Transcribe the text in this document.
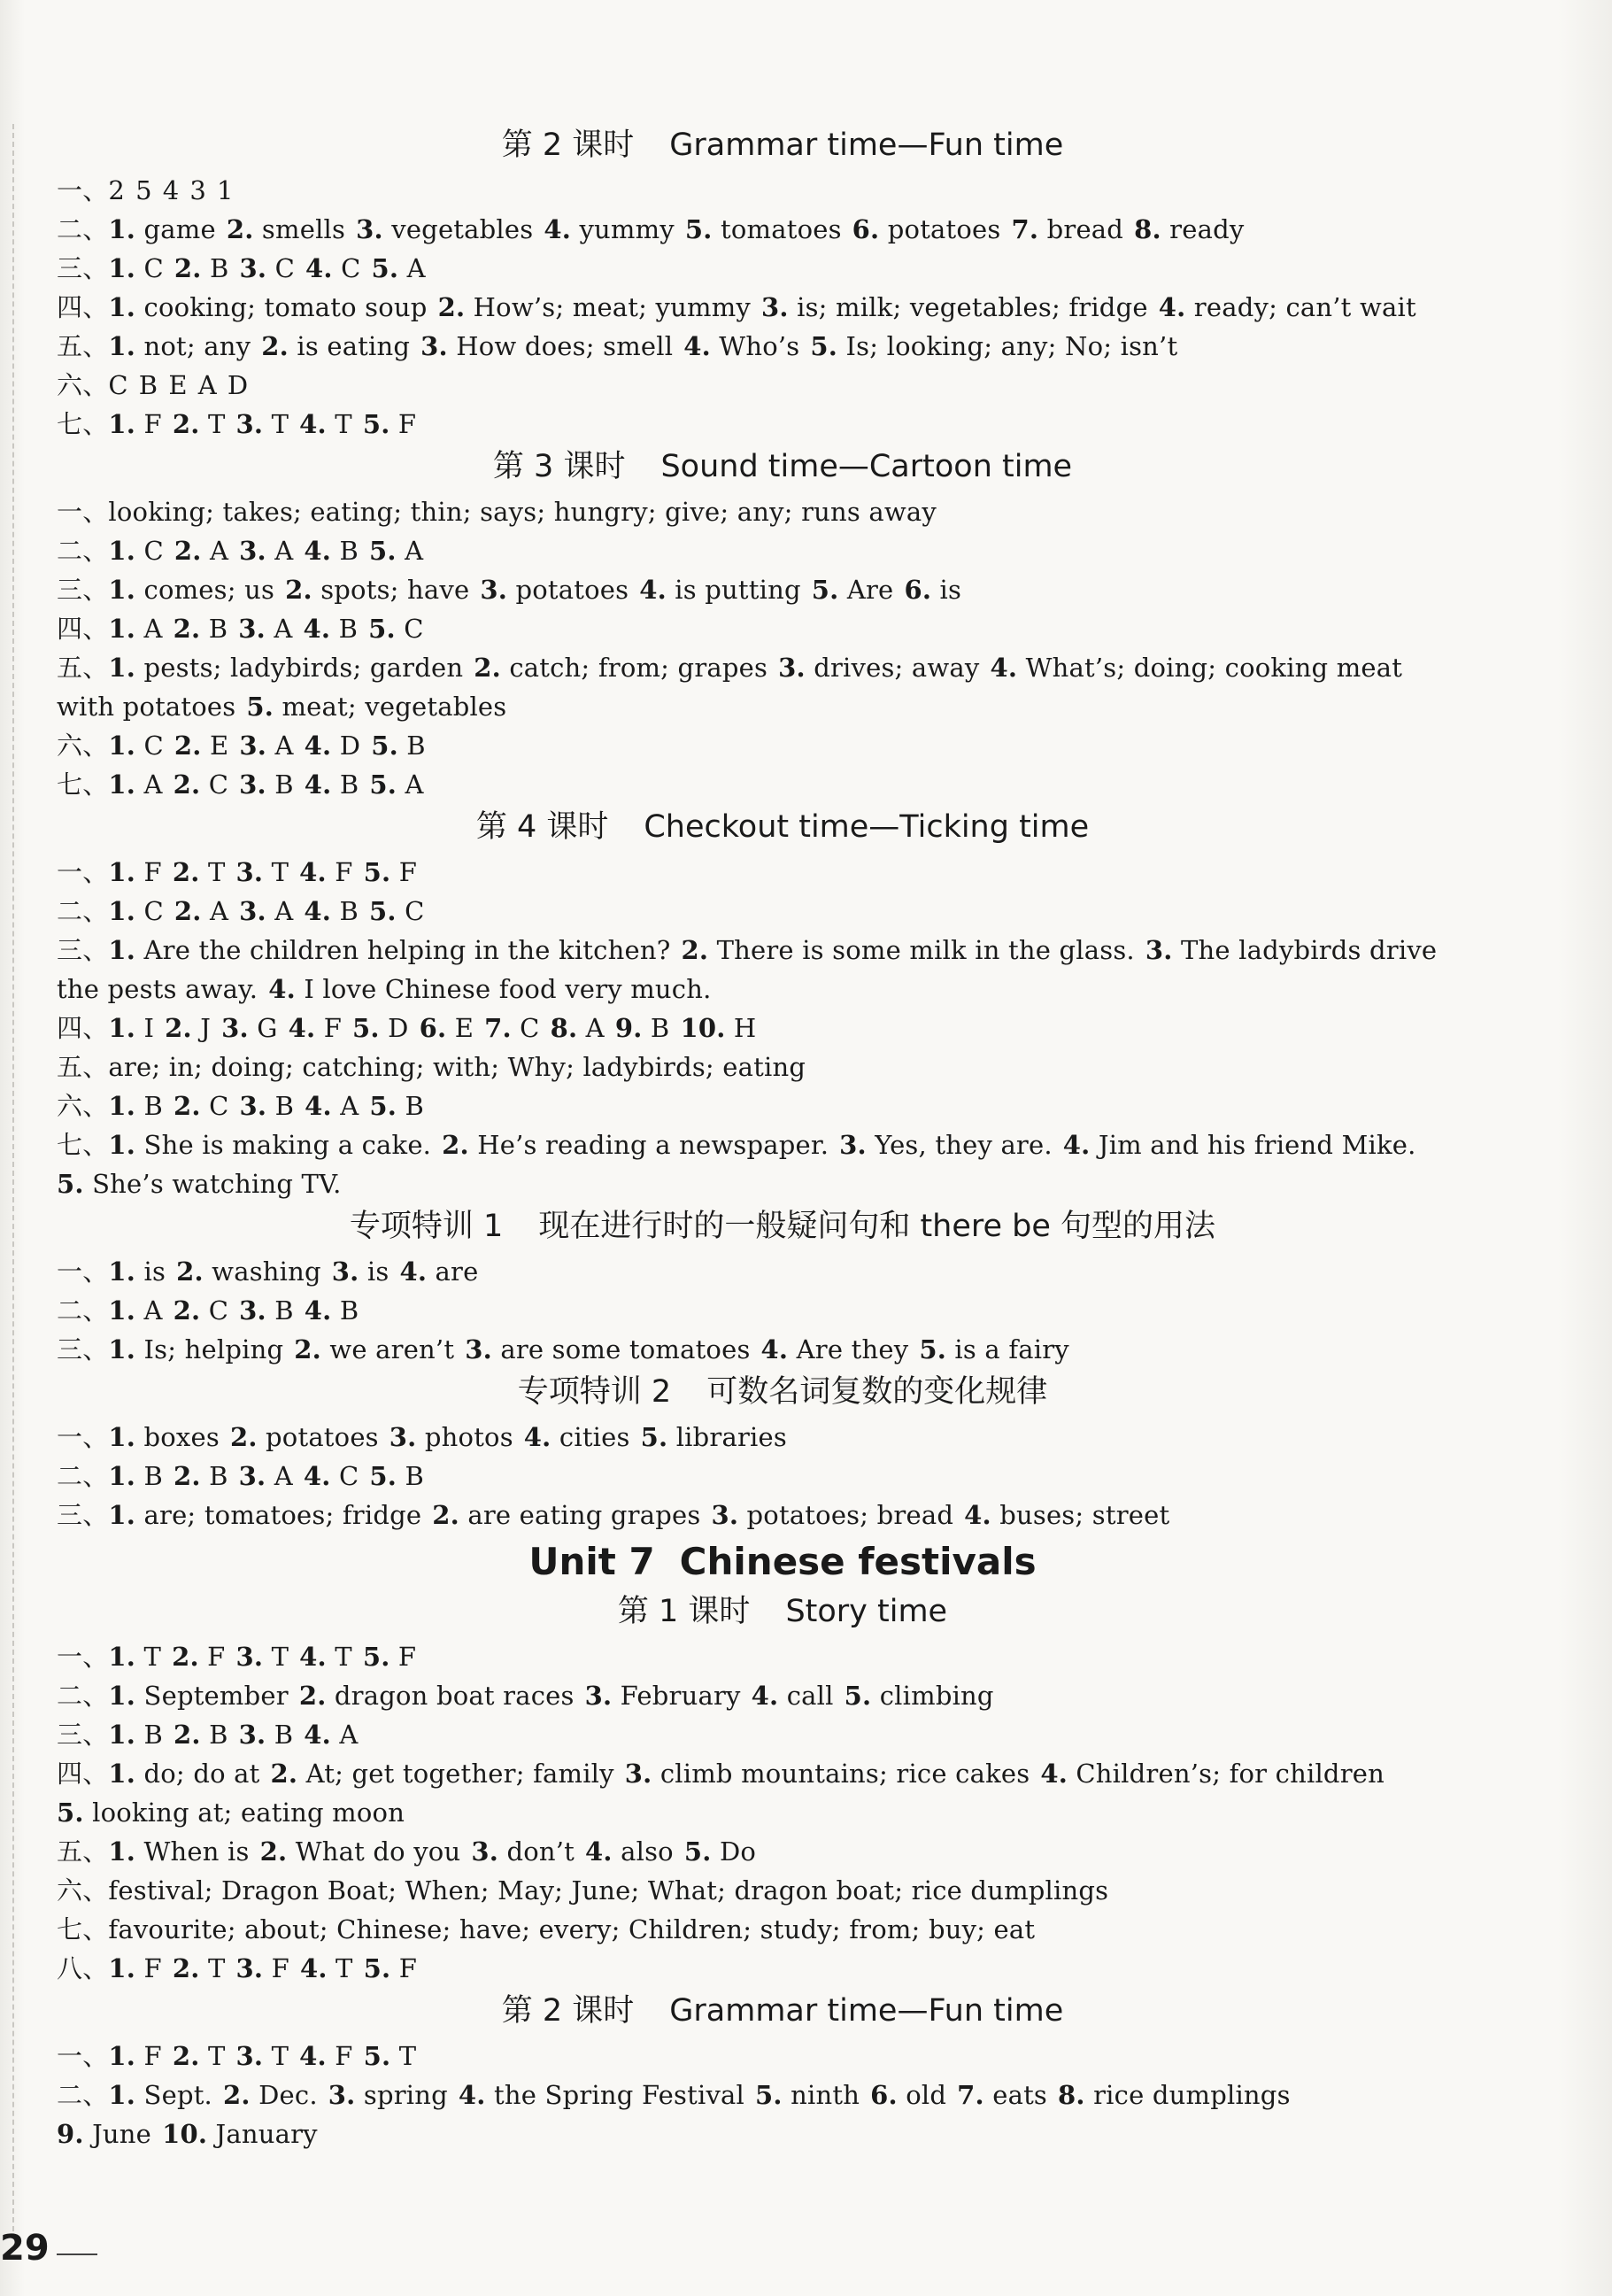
第 2 课时 Grammar time—Fun time
一、2 5 4 3 1
二、1. game 2. smells 3. vegetables 4. yummy 5. tomatoes 6. potatoes 7. bread 8. ready
三、1. C 2. B 3. C 4. C 5. A
四、1. cooking; tomato soup 2. How’s; meat; yummy 3. is; milk; vegetables; fridge 4. ready; can’t wait
五、1. not; any 2. is eating 3. How does; smell 4. Who’s 5. Is; looking; any; No; isn’t
六、C B E A D
七、1. F 2. T 3. T 4. T 5. F
第 3 课时 Sound time—Cartoon time
一、looking; takes; eating; thin; says; hungry; give; any; runs away
二、1. C 2. A 3. A 4. B 5. A
三、1. comes; us 2. spots; have 3. potatoes 4. is putting 5. Are 6. is
四、1. A 2. B 3. A 4. B 5. C
五、1. pests; ladybirds; garden 2. catch; from; grapes 3. drives; away 4. What’s; doing; cooking meat
with potatoes 5. meat; vegetables
六、1. C 2. E 3. A 4. D 5. B
七、1. A 2. C 3. B 4. B 5. A
第 4 课时 Checkout time—Ticking time
一、1. F 2. T 3. T 4. F 5. F
二、1. C 2. A 3. A 4. B 5. C
三、1. Are the children helping in the kitchen? 2. There is some milk in the glass. 3. The ladybirds drive
the pests away. 4. I love Chinese food very much.
四、1. I 2. J 3. G 4. F 5. D 6. E 7. C 8. A 9. B 10. H
五、are; in; doing; catching; with; Why; ladybirds; eating
六、1. B 2. C 3. B 4. A 5. B
七、1. She is making a cake. 2. He’s reading a newspaper. 3. Yes, they are. 4. Jim and his friend Mike.
5. She’s watching TV.
专项特训 1 现在进行时的一般疑问句和 there be 句型的用法
一、1. is 2. washing 3. is 4. are
二、1. A 2. C 3. B 4. B
三、1. Is; helping 2. we aren’t 3. are some tomatoes 4. Are they 5. is a fairy
专项特训 2 可数名词复数的变化规律
一、1. boxes 2. potatoes 3. photos 4. cities 5. libraries
二、1. B 2. B 3. A 4. C 5. B
三、1. are; tomatoes; fridge 2. are eating grapes 3. potatoes; bread 4. buses; street
Unit 7 Chinese festivals
第 1 课时 Story time
一、1. T 2. F 3. T 4. T 5. F
二、1. September 2. dragon boat races 3. February 4. call 5. climbing
三、1. B 2. B 3. B 4. A
四、1. do; do at 2. At; get together; family 3. climb mountains; rice cakes 4. Children’s; for children
5. looking at; eating moon
五、1. When is 2. What do you 3. don’t 4. also 5. Do
六、festival; Dragon Boat; When; May; June; What; dragon boat; rice dumplings
七、favourite; about; Chinese; have; every; Children; study; from; buy; eat
八、1. F 2. T 3. F 4. T 5. F
第 2 课时 Grammar time—Fun time
一、1. F 2. T 3. T 4. F 5. T
二、1. Sept. 2. Dec. 3. spring 4. the Spring Festival 5. ninth 6. old 7. eats 8. rice dumplings
9. June 10. January
29
